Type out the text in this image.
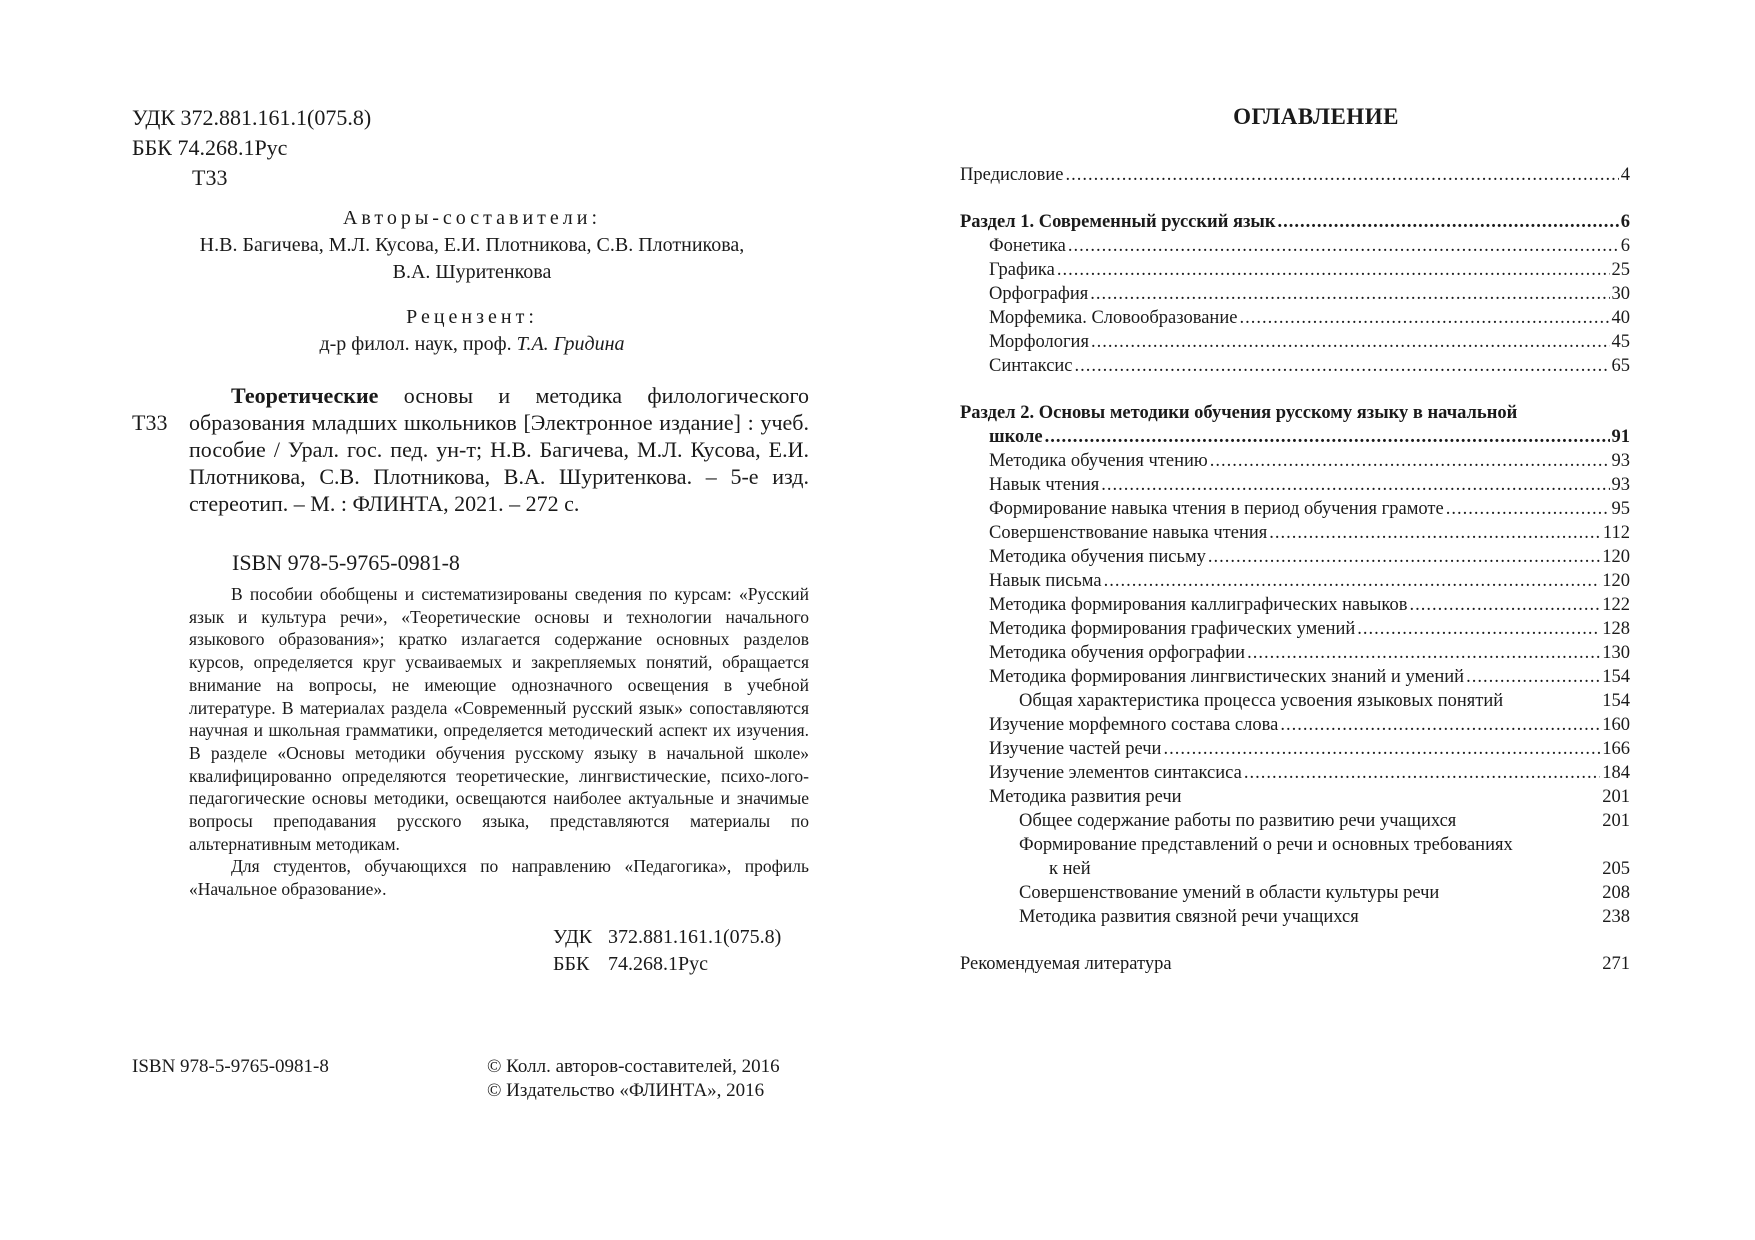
УДК 372.881.161.1(075.8)
ББК 74.268.1Рус
Т33
Авторы-составители:
Н.В. Багичева, М.Л. Кусова, Е.И. Плотникова, С.В. Плотникова,
В.А. Шуритенкова
Рецензент:
д-р филол. наук, проф. Т.А. Гридина
Т33
Теоретические основы и методика филологического образования младших школьников [Электронное издание] : учеб. пособие / Урал. гос. пед. ун-т; Н.В. Багичева, М.Л. Кусова, Е.И. Плотникова, С.В. Плотникова, В.А. Шуритенкова. – 5-е изд. стереотип. – М. : ФЛИНТА, 2021. – 272 с.
ISBN 978-5-9765-0981-8

В пособии обобщены и систематизированы сведения по курсам: «Русский язык и культура речи», «Теоретические основы и технологии начального языкового образования»; кратко излагается содержание основных разделов курсов, определяется круг усваиваемых и закрепляемых понятий, обращается внимание на вопросы, не имеющие однозначного освещения в учебной литературе. В материалах раздела «Современный русский язык» сопоставляются научная и школьная грамматики, определяется методический аспект их изучения. В разделе «Основы методики обучения русскому языку в начальной школе» квалифицированно определяются теоретические, лингвистические, психо-лого-педагогические основы методики, освещаются наиболее актуальные и значимые вопросы преподавания русского языка, представляются материалы по альтернативным методикам.

Для студентов, обучающихся по направлению «Педагогика», профиль «Начальное образование».

УДК 372.881.161.1(075.8)
ББК 74.268.1Рус
ISBN 978-5-9765-0981-8	© Колл. авторов-составителей, 2016
© Издательство «ФЛИНТА», 2016
ОГЛАВЛЕНИЕ
Предисловие .....	4
Раздел 1. Современный русский язык .....	6
Фонетика .....	6
Графика .....	25
Орфография .....	30
Морфемика. Словообразование .....	40
Морфология .....	45
Синтаксис .....	65
Раздел 2. Основы методики обучения русскому языку в начальной
школе .....	91
Методика обучения чтению .....	93
Навык чтения .....	93
Формирование навыка чтения в период обучения грамоте .....	95
Совершенствование навыка чтения .....	112
Методика обучения письму .....	120
Навык письма .....	120
Методика формирования каллиграфических навыков .....	122
Методика формирования графических умений .....	128
Методика обучения орфографии .....	130
Методика формирования лингвистических знаний и умений .....	154
Общая характеристика процесса усвоения языковых понятий	154
Изучение морфемного состава слова .....	160
Изучение частей речи .....	166
Изучение элементов синтаксиса .....	184
Методика развития речи	201
Общее содержание работы по развитию речи учащихся	201
Формирование представлений о речи и основных требованиях
к ней	205
Совершенствование умений в области культуры речи	208
Методика развития связной речи учащихся	238
Рекомендуемая литература	271
